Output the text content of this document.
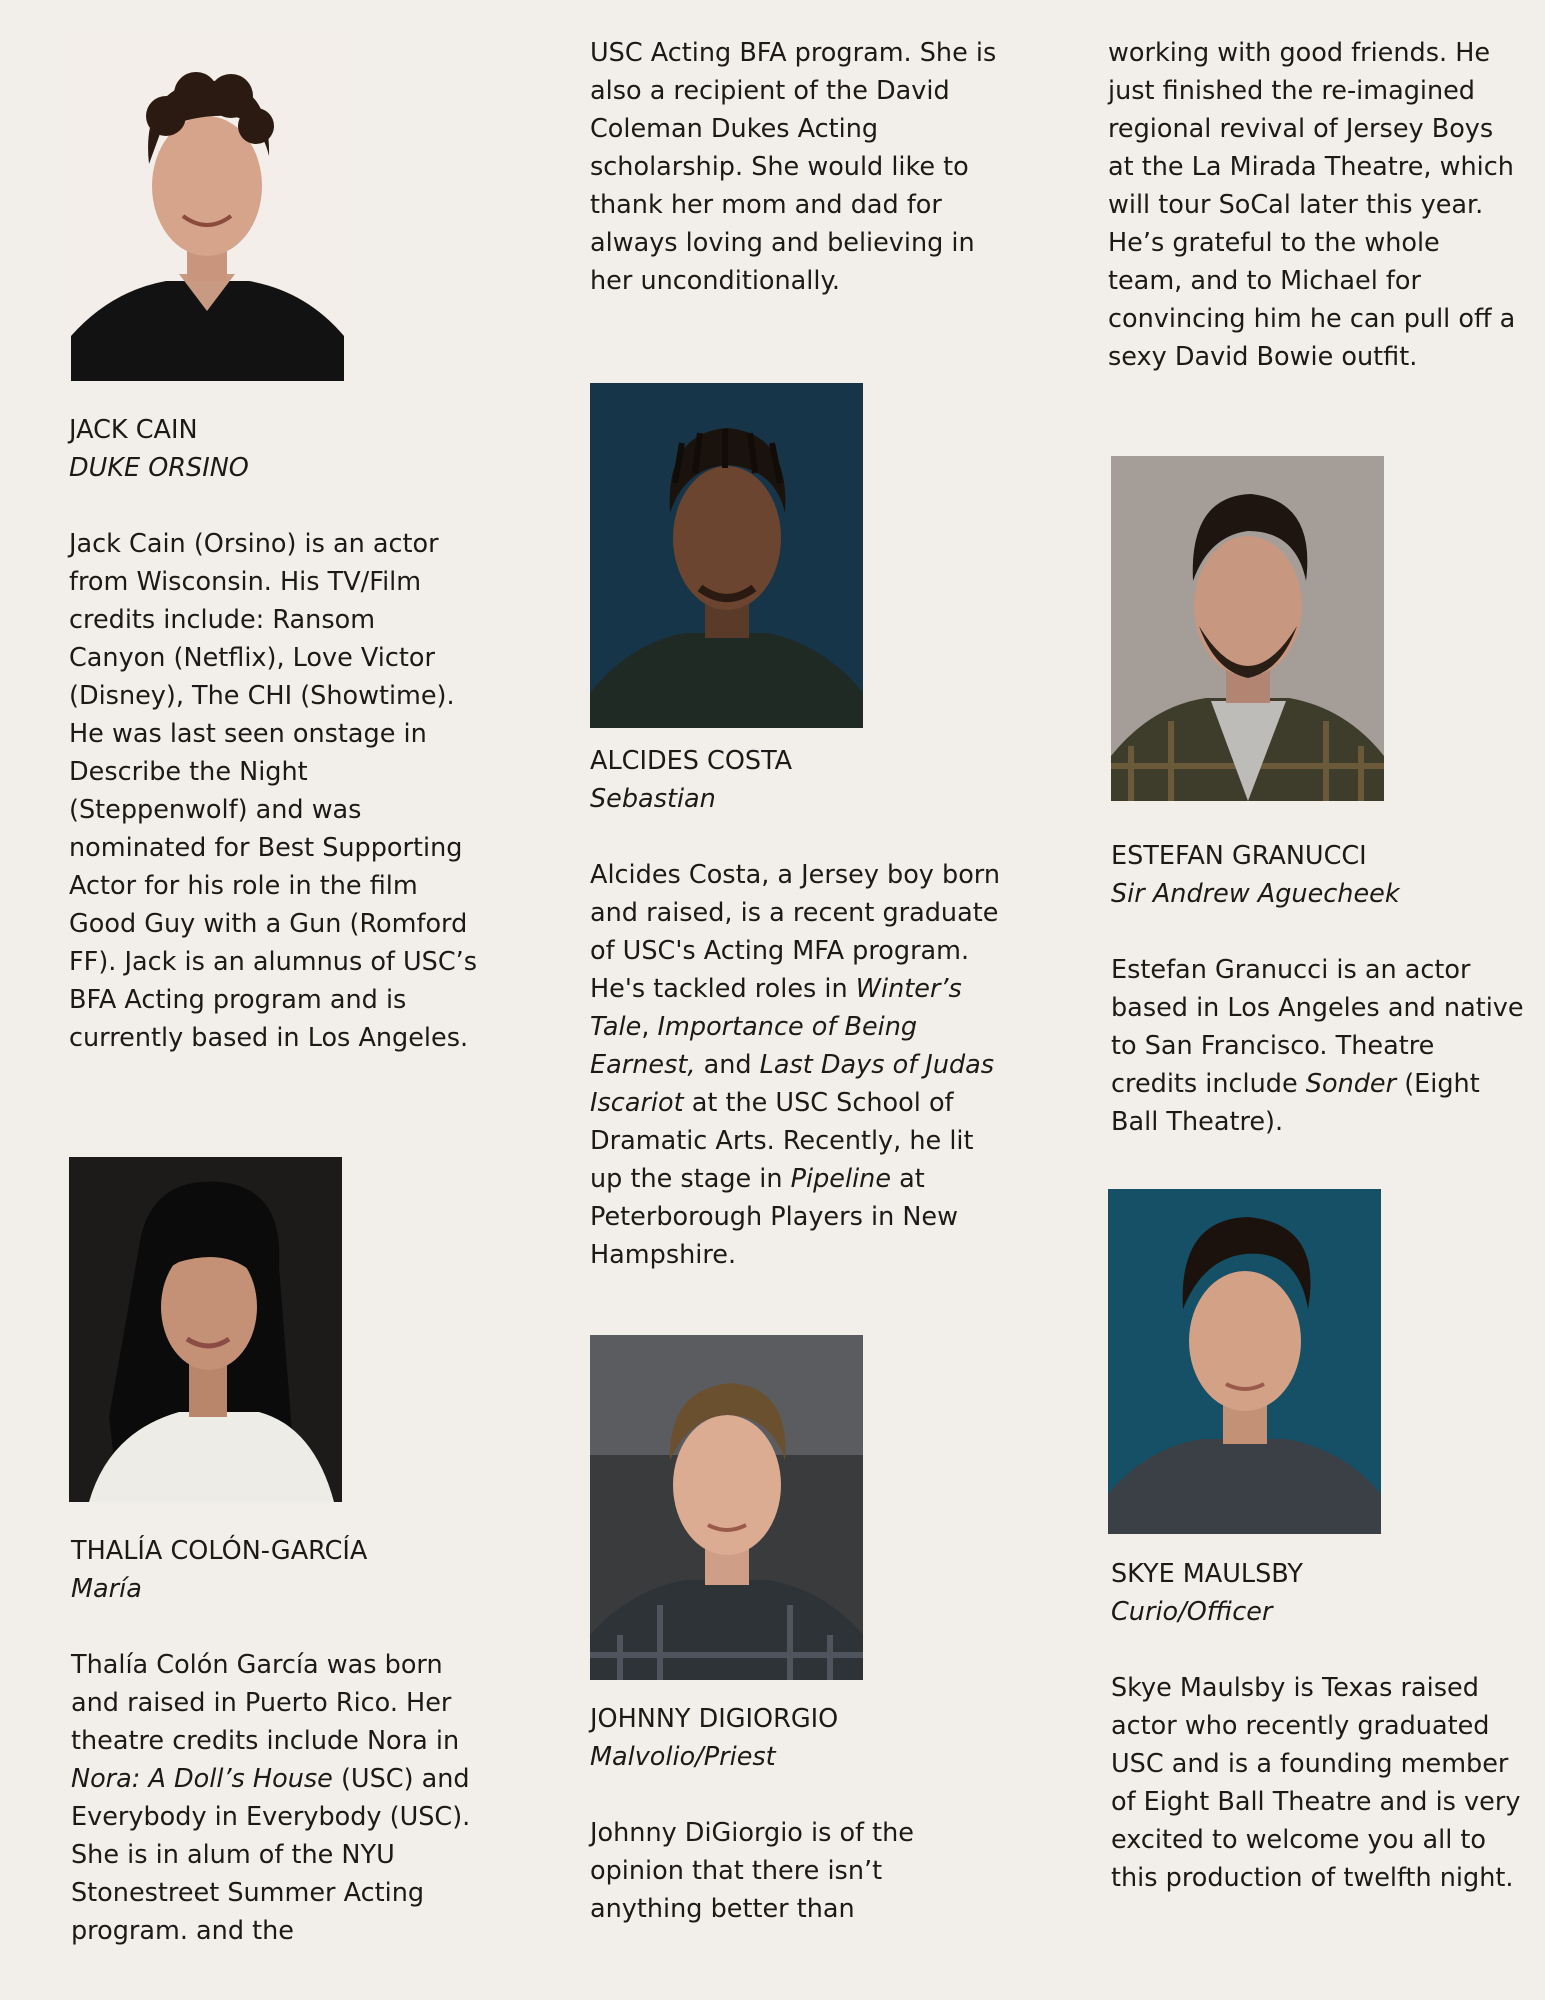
JACK CAIN

DUKE ORSINO

Jack Cain (Orsino) is an actor from Wisconsin. His TV/Film credits include: Ransom Canyon (Netflix), Love Victor (Disney), The CHI (Showtime). He was last seen onstage in Describe the Night (Steppenwolf) and was nominated for Best Supporting Actor for his role in the film Good Guy with a Gun (Romford FF). Jack is an alumnus of USC’s BFA Acting program and is currently based in Los Angeles.

THALÍA COLÓN-GARCÍA

María

Thalía Colón García was born and raised in Puerto Rico. Her theatre credits include Nora in Nora: A Doll’s House (USC) and Everybody in Everybody (USC). She is in alum of the NYU Stonestreet Summer Acting program. and the

USC Acting BFA program. She is also a recipient of the David Coleman Dukes Acting scholarship. She would like to thank her mom and dad for always loving and believing in her unconditionally.

ALCIDES COSTA

Sebastian

Alcides Costa, a Jersey boy born and raised, is a recent graduate of USC's Acting MFA program. He's tackled roles in Winter’s Tale, Importance of Being Earnest, and Last Days of Judas Iscariot at the USC School of Dramatic Arts. Recently, he lit up the stage in Pipeline at Peterborough Players in New Hampshire.

JOHNNY DIGIORGIO

Malvolio/Priest

Johnny DiGiorgio is of the opinion that there isn’t anything better than

working with good friends. He just finished the re-imagined regional revival of Jersey Boys at the La Mirada Theatre, which will tour SoCal later this year. He’s grateful to the whole team, and to Michael for convincing him he can pull off a sexy David Bowie outfit.

ESTEFAN GRANUCCI

Sir Andrew Aguecheek

Estefan Granucci is an actor based in Los Angeles and native to San Francisco. Theatre credits include Sonder (Eight Ball Theatre).

SKYE MAULSBY

Curio/Officer

Skye Maulsby is Texas raised actor who recently graduated USC and is a founding member of Eight Ball Theatre and is very excited to welcome you all to this production of twelfth night.
